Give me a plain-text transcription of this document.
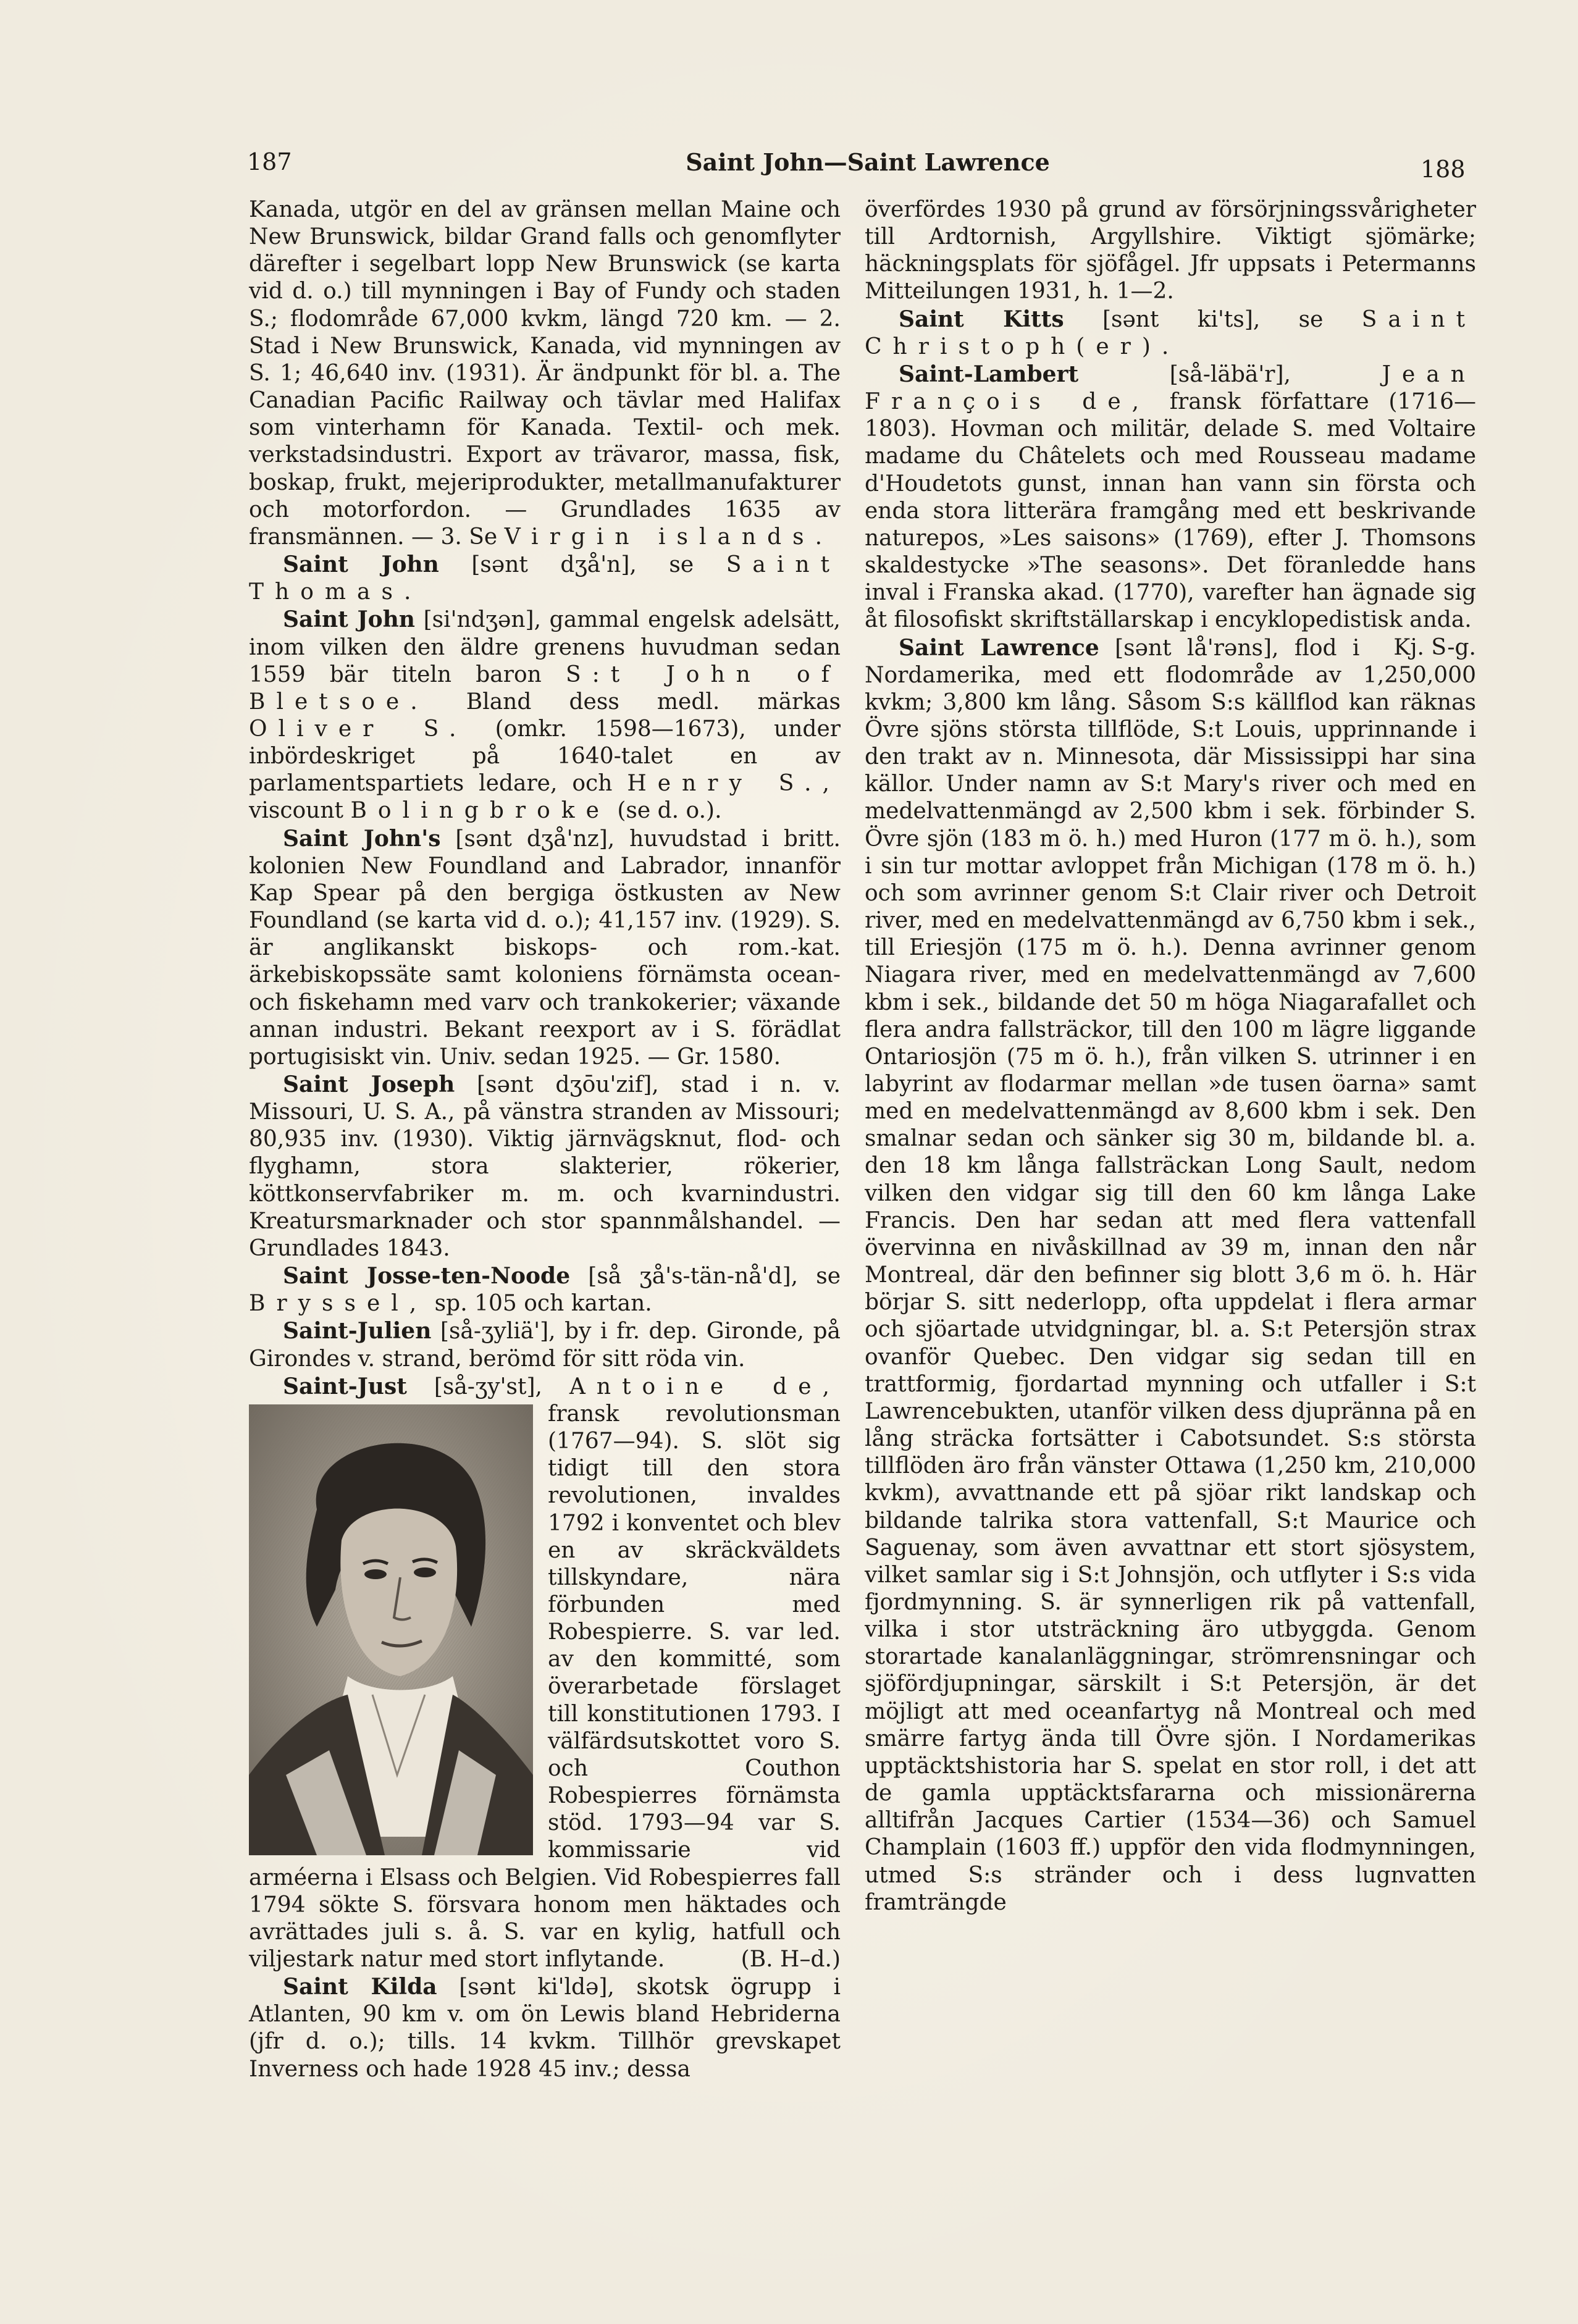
187	Saint John—Saint Lawrence	188

Kanada, utgör en del av gränsen mellan Maine och New Brunswick, bildar Grand falls och genomflyter därefter i segelbart lopp New Brunswick (se karta vid d. o.) till mynningen i Bay of Fundy och staden S.; flodområde 67,000 kvkm, längd 720 km. — 2. Stad i New Brunswick, Kanada, vid mynningen av S. 1; 46,640 inv. (1931). Är ändpunkt för bl. a. The Canadian Pacific Railway och tävlar med Halifax som vinterhamn för Kanada. Textil- och mek. verkstadsindustri. Export av trävaror, massa, fisk, boskap, frukt, mejeriprodukter, metallmanufakturer och motorfordon. — Grundlades 1635 av fransmännen. — 3. Se Virgin islands.

Saint John [sənt dʒå'n], se Saint Thomas.

Saint John [si'ndʒən], gammal engelsk adelsätt, inom vilken den äldre grenens huvudman sedan 1559 bär titeln baron S:t John of Bletsoe. Bland dess medl. märkas Oliver S. (omkr. 1598—1673), under inbördeskriget på 1640-talet en av parlamentspartiets ledare, och Henry S., viscount Bolingbroke (se d. o.).

Saint John's [sənt dʒå'nz], huvudstad i britt. kolonien New Foundland and Labrador, innanför Kap Spear på den bergiga östkusten av New Foundland (se karta vid d. o.); 41,157 inv. (1929). S. är anglikanskt biskops- och rom.-kat. ärkebiskopssäte samt koloniens förnämsta ocean- och fiskehamn med varv och trankokerier; växande annan industri. Bekant reexport av i S. förädlat portugisiskt vin. Univ. sedan 1925. — Gr. 1580.

Saint Joseph [sənt dʒōu'zif], stad i n. v. Missouri, U. S. A., på vänstra stranden av Missouri; 80,935 inv. (1930). Viktig järnvägsknut, flod- och flyghamn, stora slakterier, rökerier, köttkonservfabriker m. m. och kvarnindustri. Kreatursmarknader och stor spannmålshandel. — Grundlades 1843.

Saint Josse-ten-Noode [så ʒå's-tän-nå'd], se Bryssel, sp. 105 och kartan.

Saint-Julien [så-ʒyliä'], by i fr. dep. Gironde, på Girondes v. strand, berömd för sitt röda vin.

Saint-Just [så-ʒy'st], Antoine de,
fransk revolutionsman (1767—94). S. slöt sig tidigt till den stora revolutionen, invaldes 1792 i konventet och blev en av skräckväldets tillskyndare, nära förbunden med Robespierre. S. var led. av den kommitté, som överarbetade förslaget till konstitutionen 1793. I välfärdsutskottet voro S. och Couthon Robespierres förnämsta stöd. 1793—94 var S. kommissarie vid arméerna i Elsass och Belgien. Vid Robespierres fall 1794 sökte S. försvara honom men häktades och avrättades juli s. å. S. var en kylig, hatfull och viljestark natur med stort inflytande.	(B. H–d.)

Saint Kilda [sənt ki'ldə], skotsk ögrupp i Atlanten, 90 km v. om ön Lewis bland Hebriderna (jfr d. o.); tills. 14 kvkm. Tillhör grevskapet Inverness och hade 1928 45 inv.; dessa

överfördes 1930 på grund av försörjningssvårigheter till Ardtornish, Argyllshire. Viktigt sjömärke; häckningsplats för sjöfågel. Jfr uppsats i Petermanns Mitteilungen 1931, h. 1—2.

Saint Kitts [sənt ki'ts], se Saint Christoph(er).

Saint-Lambert	[så-läbä'r],	Jean François de, fransk författare (1716—1803). Hovman och militär, delade S. med Voltaire madame du Châtelets och med Rousseau madame d'Houdetots gunst, innan han vann sin första och enda stora litterära framgång med ett beskrivande naturepos, »Les saisons» (1769), efter J. Thomsons skaldestycke »The seasons». Det föranledde hans inval i Franska akad. (1770), varefter han ägnade sig åt filosofiskt skriftställarskap i encyklopedistisk anda.
Kj. S-g.

Saint Lawrence [sənt lå'rəns], flod i Nordamerika, med ett flodområde av 1,250,000 kvkm; 3,800 km lång. Såsom S:s källflod kan räknas Övre sjöns största tillflöde, S:t Louis, upprinnande i den trakt av n. Minnesota, där Mississippi har sina källor. Under namn av S:t Mary's river och med en medelvattenmängd av 2,500 kbm i sek. förbinder S. Övre sjön (183 m ö. h.) med Huron (177 m ö. h.), som i sin tur mottar avloppet från Michigan (178 m ö. h.) och som avrinner genom S:t Clair river och Detroit river, med en medelvattenmängd av 6,750 kbm i sek., till Eriesjön (175 m ö. h.). Denna avrinner genom Niagara river, med en medelvattenmängd av 7,600 kbm i sek., bildande det 50 m höga Niagarafallet och flera andra fallsträckor, till den 100 m lägre liggande Ontariosjön (75 m ö. h.), från vilken S. utrinner i en labyrint av flodarmar mellan »de tusen öarna» samt med en medelvattenmängd av 8,600 kbm i sek. Den smalnar sedan och sänker sig 30 m, bildande bl. a. den 18 km långa fallsträckan Long Sault, nedom vilken den vidgar sig till den 60 km långa Lake Francis. Den har sedan att med flera vattenfall övervinna en nivåskillnad av 39 m, innan den når Montreal, där den befinner sig blott 3,6 m ö. h. Här börjar S. sitt nederlopp, ofta uppdelat i flera armar och sjöartade utvidgningar, bl. a. S:t Petersjön strax ovanför Quebec. Den vidgar sig sedan till en trattformig, fjordartad mynning och utfaller i S:t Lawrencebukten, utanför vilken dess djupränna på en lång sträcka fortsätter i Cabotsundet. S:s största tillflöden äro från vänster Ottawa (1,250 km, 210,000 kvkm), avvattnande ett på sjöar rikt landskap och bildande talrika stora vattenfall, S:t Maurice och Saguenay, som även avvattnar ett stort sjösystem, vilket samlar sig i S:t Johnsjön, och utflyter i S:s vida fjordmynning. S. är synnerligen rik på vattenfall, vilka i stor utsträckning äro utbyggda. Genom storartade kanalanläggningar, strömrensningar och sjöfördjupningar, särskilt i S:t Petersjön, är det möjligt att med oceanfartyg nå Montreal och med smärre fartyg ända till Övre sjön. I Nordamerikas upptäcktshistoria har S. spelat en stor roll, i det att de gamla upptäcktsfararna och missionärerna alltifrån Jacques Cartier (1534—36) och Samuel Champlain (1603 ff.) uppför den vida flodmynningen, utmed S:s stränder och i dess lugnvatten framträngde
